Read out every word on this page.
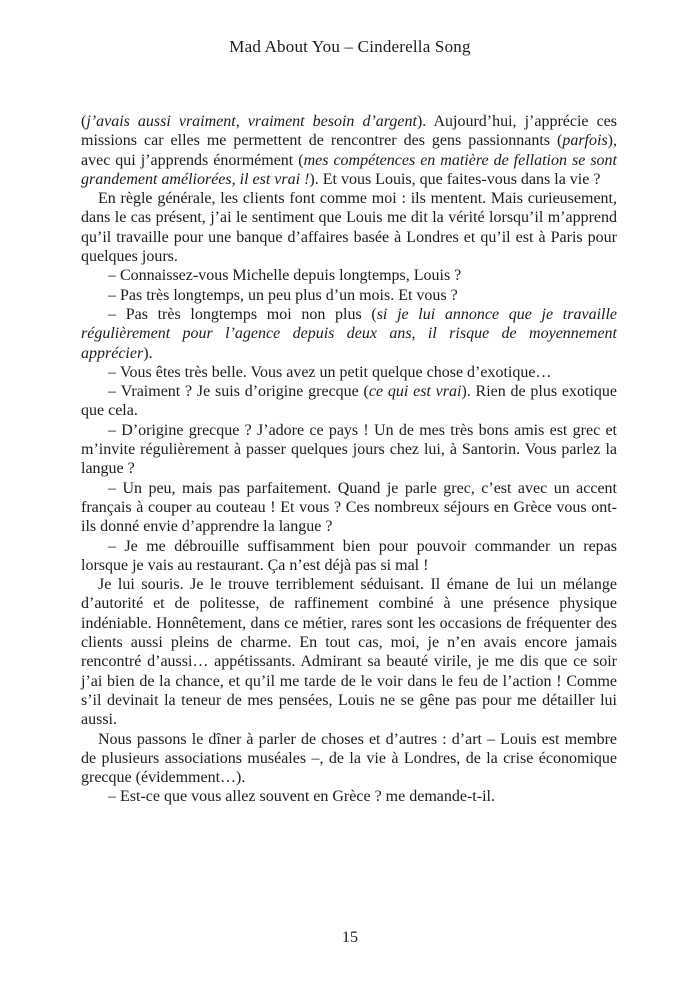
Mad About You – Cinderella Song

(j’avais aussi vraiment, vraiment besoin d’argent). Aujourd’hui, j’apprécie ces missions car elles me permettent de rencontrer des gens passionnants (parfois), avec qui j’apprends énormément (mes compétences en matière de fellation se sont grandement améliorées, il est vrai !). Et vous Louis, que faites-vous dans la vie ?

En règle générale, les clients font comme moi : ils mentent. Mais curieusement, dans le cas présent, j’ai le sentiment que Louis me dit la vérité lorsqu’il m’apprend qu’il travaille pour une banque d’affaires basée à Londres et qu’il est à Paris pour quelques jours.

– Connaissez-vous Michelle depuis longtemps, Louis ?

– Pas très longtemps, un peu plus d’un mois. Et vous ?

– Pas très longtemps moi non plus (si je lui annonce que je travaille régulièrement pour l’agence depuis deux ans, il risque de moyennement apprécier).

– Vous êtes très belle. Vous avez un petit quelque chose d’exotique…

– Vraiment ? Je suis d’origine grecque (ce qui est vrai). Rien de plus exotique que cela.

– D’origine grecque ? J’adore ce pays ! Un de mes très bons amis est grec et m’invite régulièrement à passer quelques jours chez lui, à Santorin. Vous parlez la langue ?

– Un peu, mais pas parfaitement. Quand je parle grec, c’est avec un accent français à couper au couteau ! Et vous ? Ces nombreux séjours en Grèce vous ont-ils donné envie d’apprendre la langue ?

– Je me débrouille suffisamment bien pour pouvoir commander un repas lorsque je vais au restaurant. Ça n’est déjà pas si mal !

Je lui souris. Je le trouve terriblement séduisant. Il émane de lui un mélange d’autorité et de politesse, de raffinement combiné à une présence physique indéniable. Honnêtement, dans ce métier, rares sont les occasions de fréquenter des clients aussi pleins de charme. En tout cas, moi, je n’en avais encore jamais rencontré d’aussi… appétissants. Admirant sa beauté virile, je me dis que ce soir j’ai bien de la chance, et qu’il me tarde de le voir dans le feu de l’action ! Comme s’il devinait la teneur de mes pensées, Louis ne se gêne pas pour me détailler lui aussi.

Nous passons le dîner à parler de choses et d’autres : d’art – Louis est membre de plusieurs associations muséales –, de la vie à Londres, de la crise économique grecque (évidemment…).

– Est-ce que vous allez souvent en Grèce ? me demande-t-il.

15
